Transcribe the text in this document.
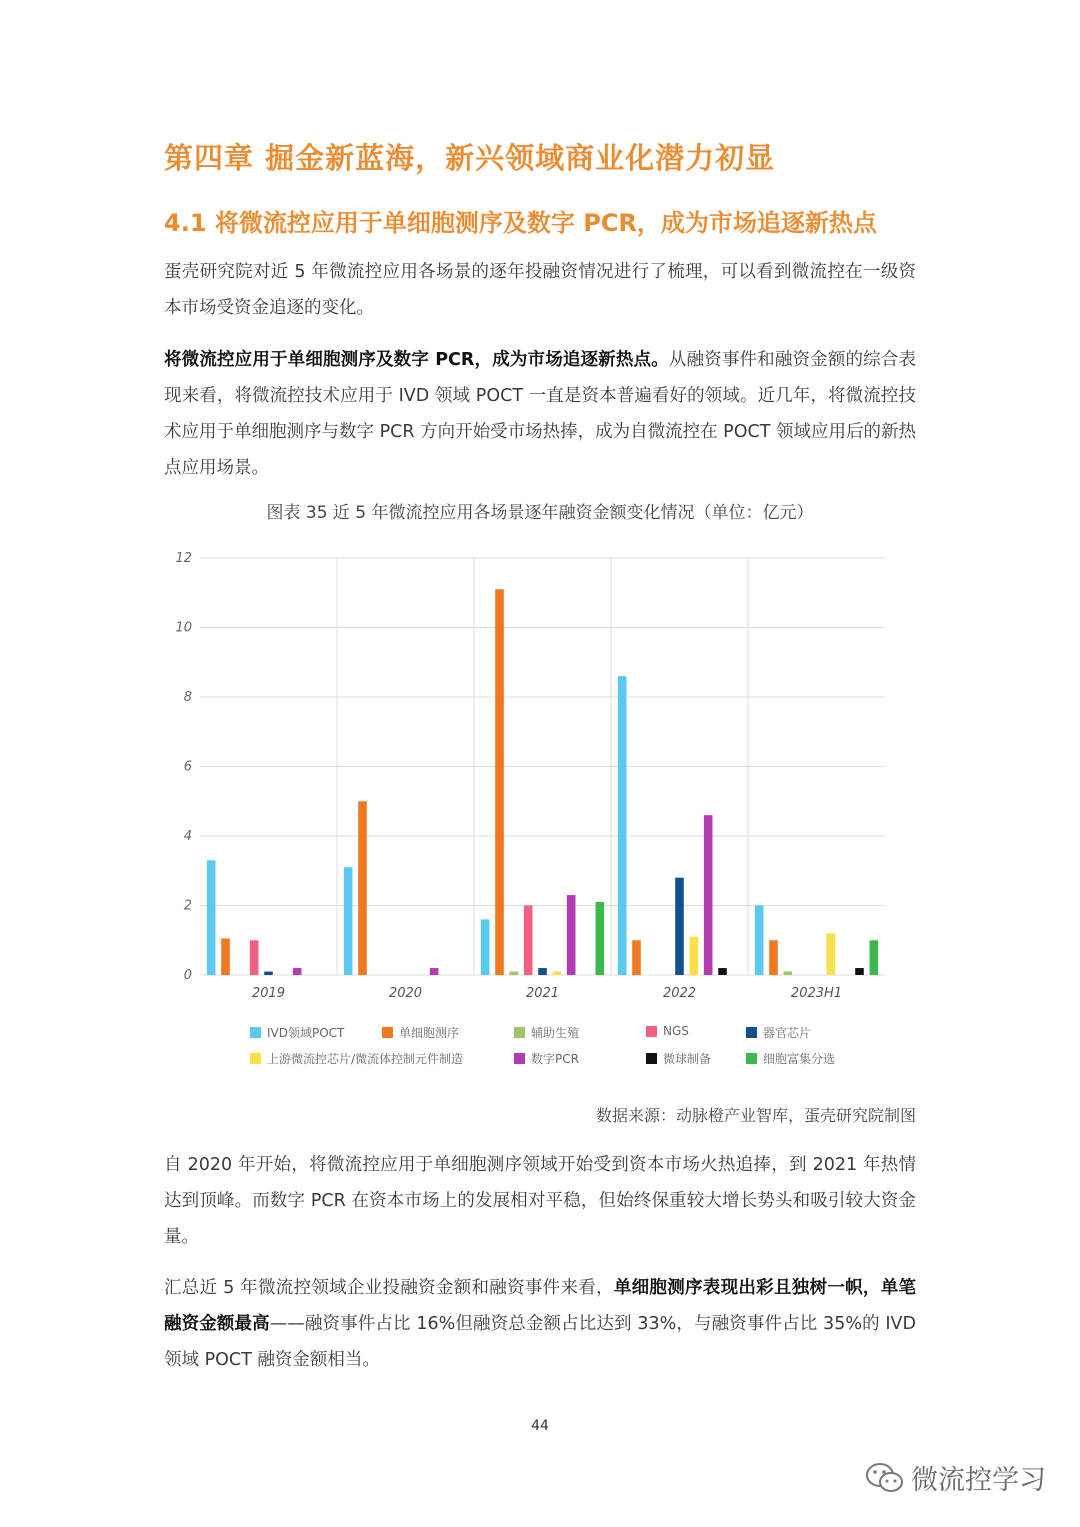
第四章 掘金新蓝海，新兴领域商业化潜力初显
4.1 将微流控应用于单细胞测序及数字 PCR，成为市场追逐新热点
蛋壳研究院对近 5 年微流控应用各场景的逐年投融资情况进行了梳理，可以看到微流控在一级资本市场受资金追逐的变化。
将微流控应用于单细胞测序及数字 PCR，成为市场追逐新热点。从融资事件和融资金额的综合表现来看，将微流控技术应用于 IVD 领域 POCT 一直是资本普遍看好的领域。近几年，将微流控技术应用于单细胞测序与数字 PCR 方向开始受市场热捧，成为自微流控在 POCT 领域应用后的新热点应用场景。
图表 35 近 5 年微流控应用各场景逐年融资金额变化情况（单位：亿元）
0
2
4
6
8
10
12
2019	2020	2021	2022	2023H1
IVD领域POCT	单细胞测序	辅助生殖	NGS	器官芯片
上游微流控芯片/微流体控制元件制造	数字PCR	微球制备	细胞富集分选
数据来源：动脉橙产业智库，蛋壳研究院制图
自 2020 年开始，将微流控应用于单细胞测序领域开始受到资本市场火热追捧，到 2021 年热情达到顶峰。而数字 PCR 在资本市场上的发展相对平稳，但始终保重较大增长势头和吸引较大资金量。
汇总近 5 年微流控领域企业投融资金额和融资事件来看，单细胞测序表现出彩且独树一帜，单笔融资金额最高——融资事件占比 16%但融资总金额占比达到 33%，与融资事件占比 35%的 IVD 领域 POCT 融资金额相当。
44
微流控学习
